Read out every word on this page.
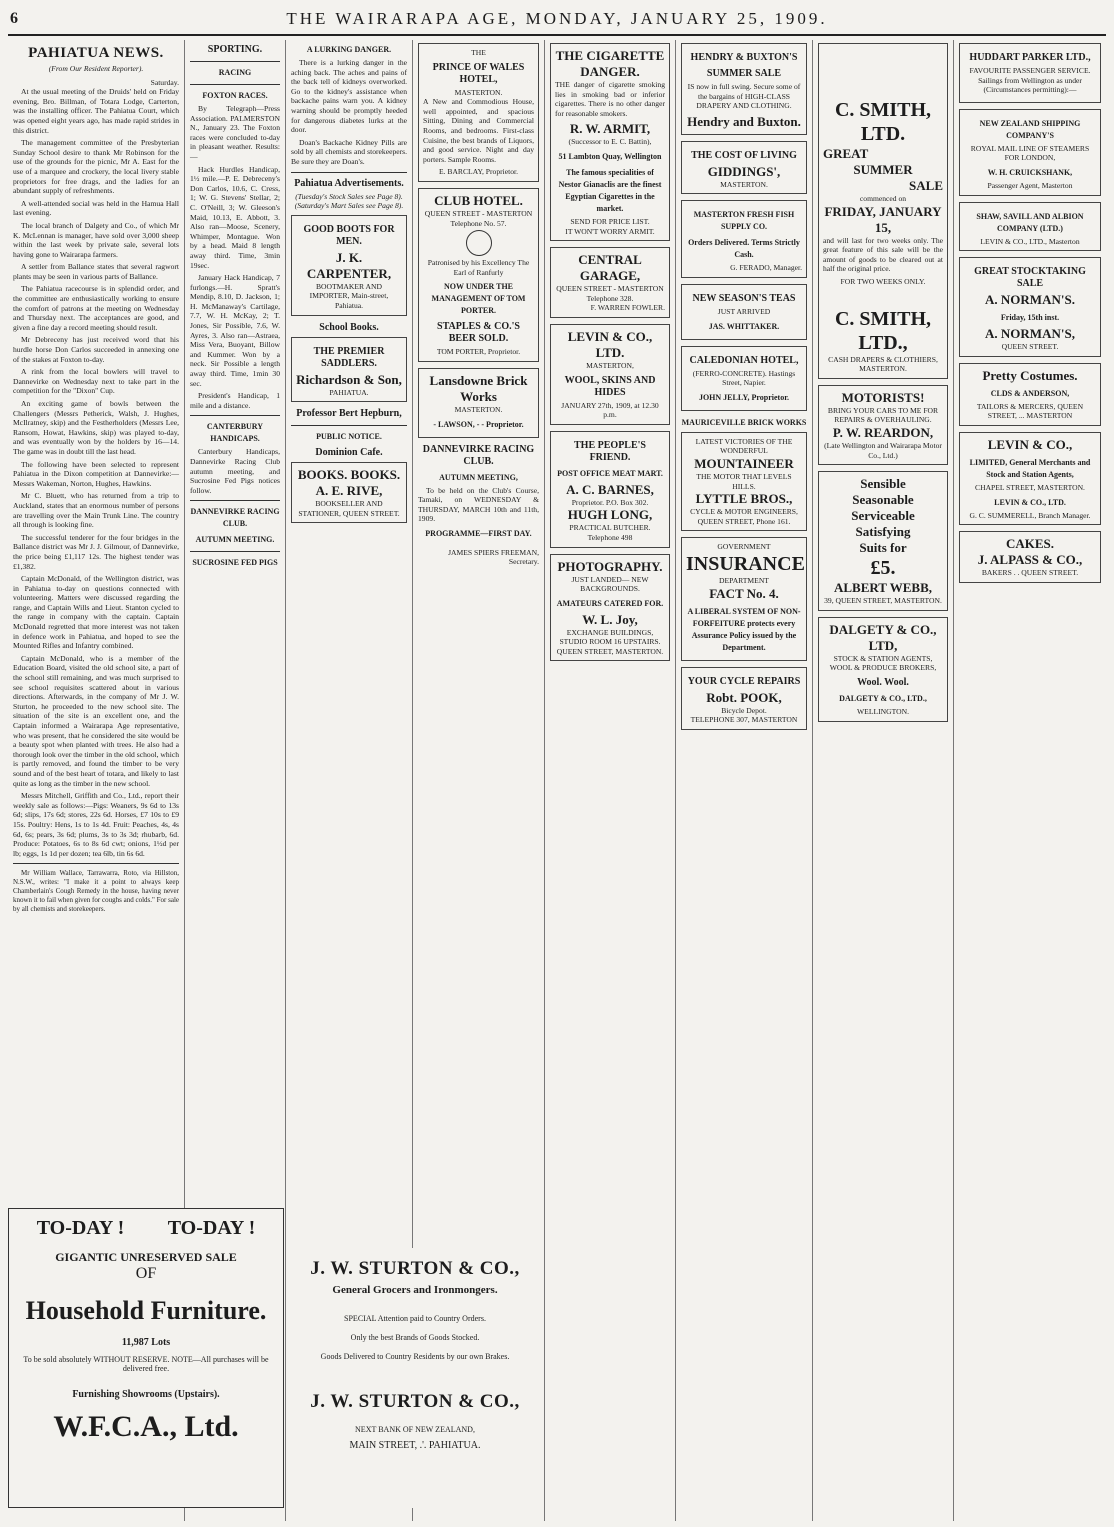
6	THE WAIRARAPA AGE, MONDAY, JANUARY 25, 1909.
PAHIATUA NEWS.
(From Our Resident Reporter).
Saturday.

At the usual meeting of the Druids' held on Friday evening, Bro. Billman, of Totara Lodge, Carterton, was the installing officer. The Pahiatua Court, which was opened eight years ago, has made rapid strides in this district.

The management committee of the Presbyterian Sunday School desire to thank Mr Robinson for the use of the grounds for the picnic, Mr A. East for the use of a marquee and crockery, the local livery stable proprietors for free drags, and the ladies for an abundant supply of refreshments.

A well-attended social was held in the Hamua Hall last evening.

The local branch of Dalgety and Co., of which Mr K. McLennan is manager, have sold over 3,000 sheep within the last week by private sale, several lots having gone to Wairarapa farmers.

A settler from Ballance states that several ragwort plants may be seen in various parts of Ballance.

The Pahiatua racecourse is in splendid order, and the committee are enthusiastically working to ensure the comfort of patrons at the meeting on Wednesday and Thursday next. The acceptances are good, and given a fine day a record meeting should result.

Mr Debreceny has just received word that his hurdle horse Don Carlos succeeded in annexing one of the stakes at Foxton to-day.

A rink from the local bowlers will travel to Dannevirke on Wednesday next to take part in the competition for the "Dixon" Cup.

An exciting game of bowls between the Challengers (Messrs Petherick, Walsh, J. Hughes, McIlratney, skip) and the Festherholders (Messrs Lee, Ransom, Howat, Hawkins, skip) was played to-day, and was eventually won by the holders by 16—14. The game was in doubt till the last head.

The following have been selected to represent Pahiatua in the Dixon competition at Dannevirke:—Messrs Wakeman, Norton, Hughes, Hawkins.

Mr C. Bluett, who has returned from a trip to Auckland, states that an enormous number of persons are travelling over the Main Trunk Line. The country all through is looking fine.

The successful tenderer for the four bridges in the Ballance district was Mr J. J. Gilmour, of Dannevirke, the price being £1,117 12s. The highest tender was £1,382.

Captain McDonald, of the Wellington district, was in Pahiatua to-day on questions connected with volunteering. Matters were discussed regarding the range, and Captain Wills and Lieut. Stanton cycled to the range in company with the captain. Captain McDonald regretted that more interest was not taken in defence work in Pahiatua, and hoped to see the Mounted Rifles and Infantry combined.

Captain McDonald, who is a member of the Education Board, visited the old school site, a part of the school still remaining, and was much surprised to see school requisites scattered about in various directions. Afterwards, in the company of Mr J. W. Sturton, he proceeded to the new school site. The situation of the site is an excellent one, and the Captain informed a Wairarapa Age representative, who was present, that he considered the site would be a beauty spot when planted with trees. He also had a thorough look over the timber in the old school, which is partly removed, and found the timber to be very sound and of the best heart of totara, and likely to last quite as long as the timber in the new school.

Messrs Mitchell, Griffith and Co., Ltd., report their weekly sale as follows:—Pigs: Weaners, 9s 6d to 13s 6d; slips, 17s 6d; stores, 22s 6d. Horses, £7 10s to £9 15s. Poultry: Hens, 1s to 1s 4d. Fruit: Peaches, 4s, 4s 6d, 6s; pears, 3s 6d; plums, 3s to 3s 3d; rhubarb, 6d. Produce: Potatoes, 6s to 8s 6d cwt; onions, 1½d per lb; eggs, 1s 1d per dozen; tea 6lb, tin 6s 6d.

Mr William Wallace, Tarrawarra, Roto, via Hillston, N.S.W., writes: "I make it a point to always keep Chamberlain's Cough Remedy in the house, having never known it to fail when given for coughs and colds." For sale by all chemists and storekeepers.

SPORTING.
RACING
FOXTON RACES.

By Telegraph—Press Association. PALMERSTON N., January 23. The Foxton races were concluded to-day in pleasant weather. Results:—

Hack Hurdles Handicap, 1½ mile.—P. E. Debreceny's Don Carlos, 10.6, C. Cress, 1; W. G. Stevens' Stellar, 2; C. O'Neill, 3; W. Gleeson's Maid, 10.13, E. Abbott, 3. Also ran—Moose, Scenery, Whimper, Montague. Won by a head. Maid 8 length away third. Time, 3min 19sec.

January Hack Handicap, 7 furlongs.—H. Spratt's Mendip, 8.10, D. Jackson, 1; H. McManaway's Cartilage, 7.7, W. H. McKay, 2; T. Jones, Sir Possible, 7.6, W. Ayres, 3. Also ran—Astraea, Miss Vera, Buoyant, Billow and Kummer. Won by a neck. Sir Possible a length away third. Time, 1min 30 sec.

President's Handicap, 1 mile and a distance.

CANTERBURY HANDICAPS.

Canterbury Handicaps, Dannevirke Racing Club autumn meeting, and Sucrosine Fed Pigs notices follow.

DANNEVIRKE RACING CLUB.
AUTUMN MEETING.
SUCROSINE FED PIGS
A LURKING DANGER.

There is a lurking danger in the aching back. The aches and pains of the back tell of kidneys overworked. Go to the kidney's assistance when backache pains warn you. A kidney warning should be promptly heeded for dangerous diabetes lurks at the door.

Doan's Backache Kidney Pills are sold by all chemists and storekeepers. Be sure they are Doan's.

Pahiatua Advertisements.
(Tuesday's Stock Sales see Page 8). (Saturday's Mart Sales see Page 8).
GOOD BOOTS FOR MEN.
J. K. CARPENTER,
BOOTMAKER AND IMPORTER, Main-street, Pahiatua.
School Books.
THE PREMIER SADDLERS.
Richardson & Son,
PAHIATUA.
Professor Bert Hepburn,
PUBLIC NOTICE.
Dominion Cafe.
BOOKS. BOOKS.
A. E. RIVE,
BOOKSELLER AND STATIONER, QUEEN STREET.
THE
PRINCE OF WALES HOTEL,
MASTERTON.

A New and Commodious House, well appointed, and spacious Sitting, Dining and Commercial Rooms, and bedrooms. First-class Cuisine, the best brands of Liquors, and good service. Night and day porters. Sample Rooms.

E. BARCLAY, Proprietor.
CLUB HOTEL.
QUEEN STREET - MASTERTON Telephone No. 57.
Patronised by his Excellency The Earl of Ranfurly
NOW UNDER THE MANAGEMENT OF TOM PORTER.
STAPLES & CO.'S BEER SOLD.
TOM PORTER, Proprietor.
Lansdowne Brick Works
MASTERTON.
- LAWSON, - - Proprietor.
DANNEVIRKE RACING CLUB.
AUTUMN MEETING,

To be held on the Club's Course, Tamaki, on WEDNESDAY & THURSDAY, MARCH 10th and 11th, 1909.

PROGRAMME—FIRST DAY.
JAMES SPIERS FREEMAN, Secretary.
THE CIGARETTE DANGER.

THE danger of cigarette smoking lies in smoking bad or inferior cigarettes. There is no other danger for reasonable smokers.

R. W. ARMIT,
(Successor to E. C. Battin),
51 Lambton Quay, Wellington
The famous specialities of Nestor Gianaclis are the finest Egyptian Cigarettes in the market.
SEND FOR PRICE LIST.
IT WON'T WORRY ARMIT.
CENTRAL GARAGE,
QUEEN STREET - MASTERTON Telephone 328.
F. WARREN FOWLER.
LEVIN & CO., LTD.
MASTERTON,
WOOL, SKINS AND HIDES
JANUARY 27th, 1909, at 12.30 p.m.
THE PEOPLE'S FRIEND.
POST OFFICE MEAT MART.
A. C. BARNES,
Proprietor. P.O. Box 302.
HUGH LONG,
PRACTICAL BUTCHER. Telephone 498
PHOTOGRAPHY.
JUST LANDED— NEW BACKGROUNDS.
AMATEURS CATERED FOR.
W. L. Joy,
EXCHANGE BUILDINGS,
STUDIO ROOM 16 UPSTAIRS. QUEEN STREET, MASTERTON.
HENDRY & BUXTON'S
SUMMER SALE

IS now in full swing. Secure some of the bargains of HIGH-CLASS DRAPERY AND CLOTHING.

Hendry and Buxton.
THE COST OF LIVING
GIDDINGS',
MASTERTON.
MASTERTON FRESH FISH SUPPLY CO.
Orders Delivered. Terms Strictly Cash.
G. FERADO, Manager.
NEW SEASON'S TEAS
JUST ARRIVED
JAS. WHITTAKER.
CALEDONIAN HOTEL,
(FERRO-CONCRETE). Hastings Street, Napier.
JOHN JELLY, Proprietor.
MAURICEVILLE BRICK WORKS
LATEST VICTORIES OF THE WONDERFUL
MOUNTAINEER
THE MOTOR THAT LEVELS HILLS.
LYTTLE BROS.,
CYCLE & MOTOR ENGINEERS, QUEEN STREET, Phone 161.
GOVERNMENT
INSURANCE
DEPARTMENT
FACT No. 4.
A LIBERAL SYSTEM OF NON-FORFEITURE protects every Assurance Policy issued by the Department.
YOUR CYCLE REPAIRS
Robt. POOK,
Bicycle Depot.
TELEPHONE 307, MASTERTON
C. SMITH, LTD.
GREAT
SUMMER
SALE
commenced on
FRIDAY, JANUARY 15,

and will last for two weeks only. The great feature of this sale will be the amount of goods to be cleared out at half the original price.

FOR TWO WEEKS ONLY.
C. SMITH, LTD.,
CASH DRAPERS & CLOTHIERS, MASTERTON.
MOTORISTS!
BRING YOUR CARS TO ME FOR REPAIRS & OVERHAULING.
P. W. REARDON,
(Late Wellington and Wairarapa Motor Co., Ltd.)
Sensible
Seasonable
Serviceable
Satisfying
Suits for
£5.
ALBERT WEBB,
39, QUEEN STREET, MASTERTON.
DALGETY & CO., LTD,
STOCK & STATION AGENTS, WOOL & PRODUCE BROKERS,
Wool. Wool.
DALGETY & CO., LTD.,
WELLINGTON.
HUDDART PARKER LTD.,
FAVOURITE PASSENGER SERVICE.

Sailings from Wellington as under (Circumstances permitting):—

NEW ZEALAND SHIPPING COMPANY'S
ROYAL MAIL LINE OF STEAMERS FOR LONDON,
W. H. CRUICKSHANK,
Passenger Agent, Masterton
SHAW, SAVILL AND ALBION COMPANY (LTD.)
LEVIN & CO., LTD., Masterton
GREAT STOCKTAKING SALE
A. NORMAN'S.
Friday, 15th inst.
A. NORMAN'S,
QUEEN STREET.
Pretty Costumes.
CLDS & ANDERSON,
TAILORS & MERCERS, QUEEN STREET, ... MASTERTON
LEVIN & CO.,
LIMITED, General Merchants and Stock and Station Agents,
CHAPEL STREET, MASTERTON.
LEVIN & CO., LTD.
G. C. SUMMERELL, Branch Manager.
CAKES.
J. ALPASS & CO.,
BAKERS . . QUEEN STREET.
TO-DAY ! TO-DAY !
GIGANTIC UNRESERVED SALE
OF
Household Furniture.
11,987 Lots
To be sold absolutely WITHOUT RESERVE. NOTE—All purchases will be delivered free.
Furnishing Showrooms (Upstairs).
W.F.C.A., Ltd.
J. W. STURTON & CO.,
General Grocers and Ironmongers.
SPECIAL Attention paid to Country Orders.
Only the best Brands of Goods Stocked.
Goods Delivered to Country Residents by our own Brakes.
J. W. STURTON & CO.,
NEXT BANK OF NEW ZEALAND,
MAIN STREET, .'. PAHIATUA.
